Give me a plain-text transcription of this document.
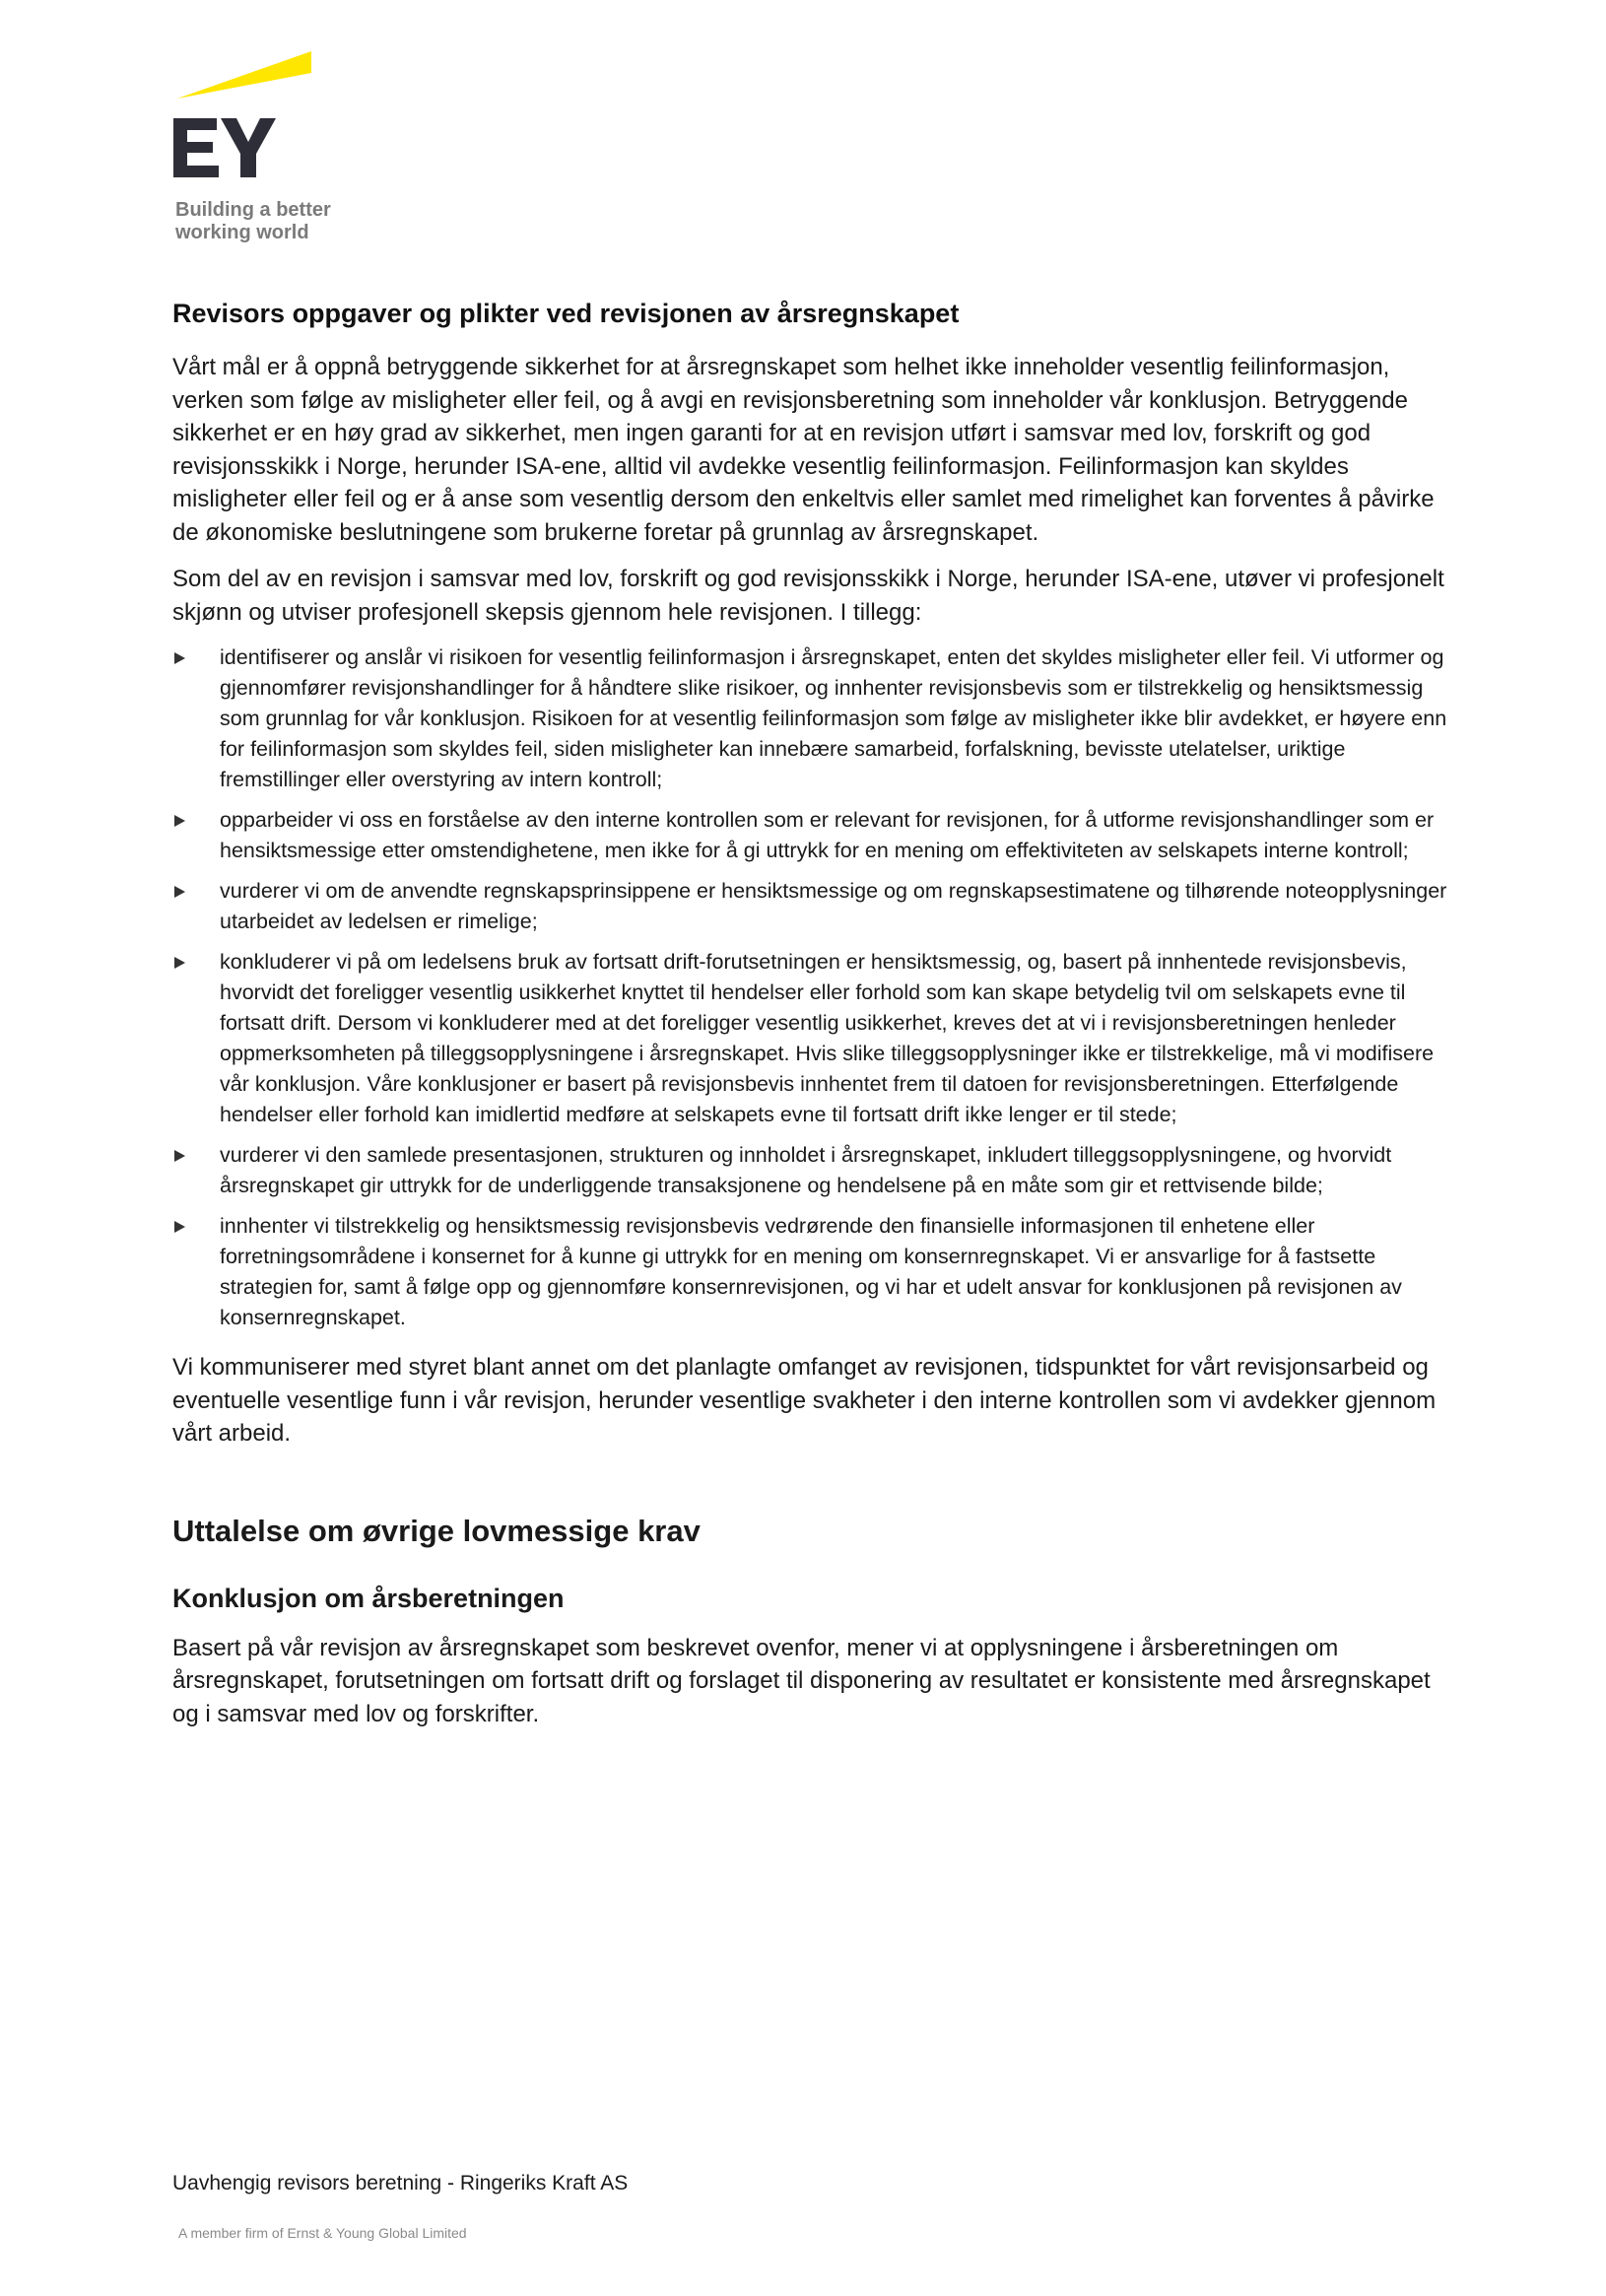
Building a better
working world
Revisors oppgaver og plikter ved revisjonen av årsregnskapet

Vårt mål er å oppnå betryggende sikkerhet for at årsregnskapet som helhet ikke inneholder vesentlig feilinformasjon, verken som følge av misligheter eller feil, og å avgi en revisjonsberetning som inneholder vår konklusjon. Betryggende sikkerhet er en høy grad av sikkerhet, men ingen garanti for at en revisjon utført i samsvar med lov, forskrift og god revisjonsskikk i Norge, herunder ISA-ene, alltid vil avdekke vesentlig feilinformasjon. Feilinformasjon kan skyldes misligheter eller feil og er å anse som vesentlig dersom den enkeltvis eller samlet med rimelighet kan forventes å påvirke de økonomiske beslutningene som brukerne foretar på grunnlag av årsregnskapet.

Som del av en revisjon i samsvar med lov, forskrift og god revisjonsskikk i Norge, herunder ISA-ene, utøver vi profesjonelt skjønn og utviser profesjonell skepsis gjennom hele revisjonen. I tillegg:

identifiserer og anslår vi risikoen for vesentlig feilinformasjon i årsregnskapet, enten det skyldes misligheter eller feil. Vi utformer og gjennomfører revisjonshandlinger for å håndtere slike risikoer, og innhenter revisjonsbevis som er tilstrekkelig og hensiktsmessig som grunnlag for vår konklusjon. Risikoen for at vesentlig feilinformasjon som følge av misligheter ikke blir avdekket, er høyere enn for feilinformasjon som skyldes feil, siden misligheter kan innebære samarbeid, forfalskning, bevisste utelatelser, uriktige fremstillinger eller overstyring av intern kontroll;
opparbeider vi oss en forståelse av den interne kontrollen som er relevant for revisjonen, for å utforme revisjonshandlinger som er hensiktsmessige etter omstendighetene, men ikke for å gi uttrykk for en mening om effektiviteten av selskapets interne kontroll;
vurderer vi om de anvendte regnskapsprinsippene er hensiktsmessige og om regnskapsestimatene og tilhørende noteopplysninger utarbeidet av ledelsen er rimelige;
konkluderer vi på om ledelsens bruk av fortsatt drift-forutsetningen er hensiktsmessig, og, basert på innhentede revisjonsbevis, hvorvidt det foreligger vesentlig usikkerhet knyttet til hendelser eller forhold som kan skape betydelig tvil om selskapets evne til fortsatt drift. Dersom vi konkluderer med at det foreligger vesentlig usikkerhet, kreves det at vi i revisjonsberetningen henleder oppmerksomheten på tilleggsopplysningene i årsregnskapet. Hvis slike tilleggsopplysninger ikke er tilstrekkelige, må vi modifisere vår konklusjon. Våre konklusjoner er basert på revisjonsbevis innhentet frem til datoen for revisjonsberetningen. Etterfølgende hendelser eller forhold kan imidlertid medføre at selskapets evne til fortsatt drift ikke lenger er til stede;
vurderer vi den samlede presentasjonen, strukturen og innholdet i årsregnskapet, inkludert tilleggsopplysningene, og hvorvidt årsregnskapet gir uttrykk for de underliggende transaksjonene og hendelsene på en måte som gir et rettvisende bilde;
innhenter vi tilstrekkelig og hensiktsmessig revisjonsbevis vedrørende den finansielle informasjonen til enhetene eller forretningsområdene i konsernet for å kunne gi uttrykk for en mening om konsernregnskapet. Vi er ansvarlige for å fastsette strategien for, samt å følge opp og gjennomføre konsernrevisjonen, og vi har et udelt ansvar for konklusjonen på revisjonen av konsernregnskapet.

Vi kommuniserer med styret blant annet om det planlagte omfanget av revisjonen, tidspunktet for vårt revisjonsarbeid og eventuelle vesentlige funn i vår revisjon, herunder vesentlige svakheter i den interne kontrollen som vi avdekker gjennom vårt arbeid.

Uttalelse om øvrige lovmessige krav
Konklusjon om årsberetningen

Basert på vår revisjon av årsregnskapet som beskrevet ovenfor, mener vi at opplysningene i årsberetningen om årsregnskapet, forutsetningen om fortsatt drift og forslaget til disponering av resultatet er konsistente med årsregnskapet og i samsvar med lov og forskrifter.

Uavhengig revisors beretning - Ringeriks Kraft AS
A member firm of Ernst & Young Global Limited
